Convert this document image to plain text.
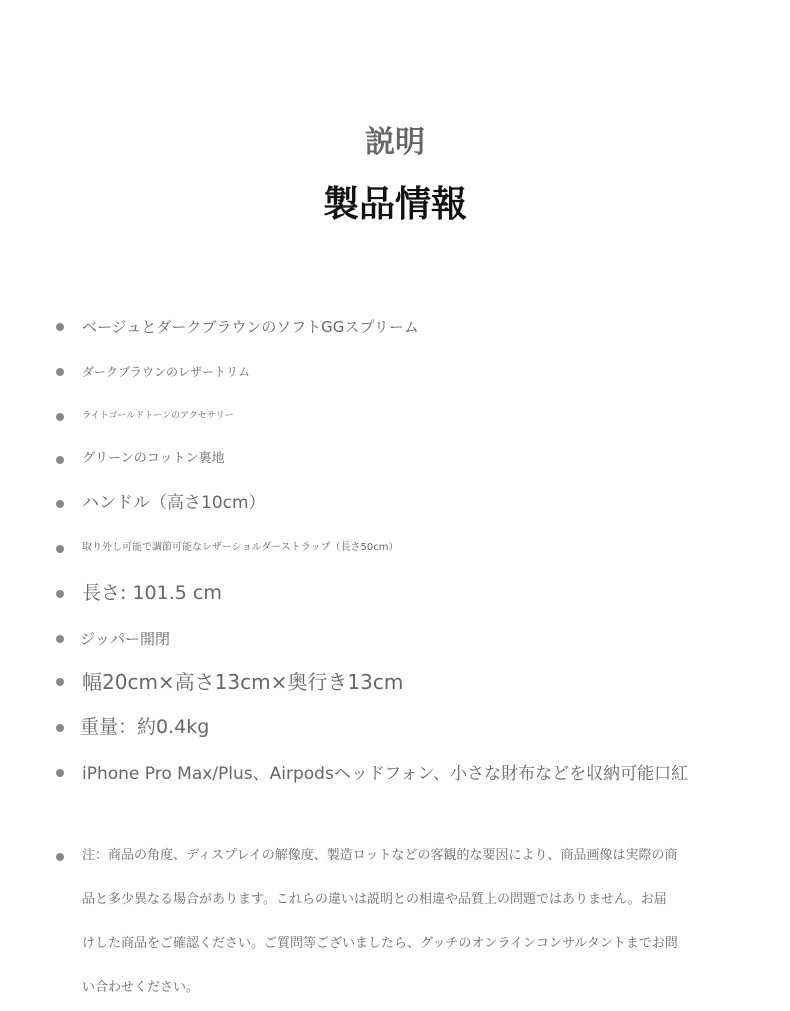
説明
製品情報
ベージュとダークブラウンのソフトGGスプリーム
ダークブラウンのレザートリム
ライトゴールドトーンのアクセサリー
グリーンのコットン裏地
ハンドル（高さ10cm）
取り外し可能で調節可能なレザーショルダーストラップ（長さ50cm）
長さ: 101.5 cm
ジッパー開閉
幅20cm×高さ13cm×奥行き13cm
重量：約0.4kg
iPhone Pro Max/Plus、Airpodsヘッドフォン、小さな財布などを収納可能口紅
注：商品の角度、ディスプレイの解像度、製造ロットなどの客観的な要因により、商品画像は実際の商品と多少異なる場合があります。これらの違いは説明との相違や品質上の問題ではありません。お届けした商品をご確認ください。ご質問等ございましたら、グッチのオンラインコンサルタントまでお問い合わせください。
